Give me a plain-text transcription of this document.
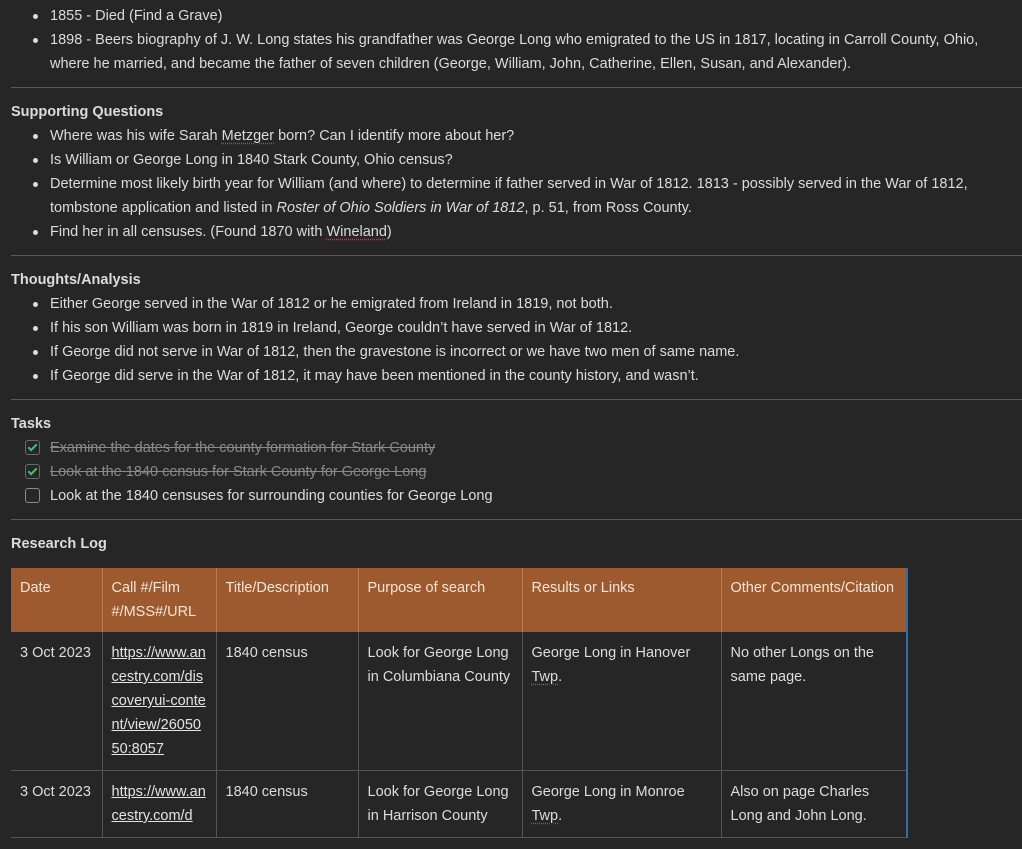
1855 - Died (Find a Grave)
1898 - Beers biography of J. W. Long states his grandfather was George Long who emigrated to the US in 1817, locating in Carroll County, Ohio, where he married, and became the father of seven children (George, William, John, Catherine, Ellen, Susan, and Alexander).
Supporting Questions
Where was his wife Sarah Metzger born? Can I identify more about her?
Is William or George Long in 1840 Stark County, Ohio census?
Determine most likely birth year for William (and where) to determine if father served in War of 1812. 1813 - possibly served in the War of 1812, tombstone application and listed in Roster of Ohio Soldiers in War of 1812, p. 51, from Ross County.
Find her in all censuses. (Found 1870 with Wineland)
Thoughts/Analysis
Either George served in the War of 1812 or he emigrated from Ireland in 1819, not both.
If his son William was born in 1819 in Ireland, George couldn’t have served in War of 1812.
If George did not serve in War of 1812, then the gravestone is incorrect or we have two men of same name.
If George did serve in the War of 1812, it may have been mentioned in the county history, and wasn’t.
Tasks
Examine the dates for the county formation for Stark County
Look at the 1840 census for Stark County for George Long
Look at the 1840 censuses for surrounding counties for George Long
Research Log
Date	Call #/Film #/MSS#/URL	Title/Description	Purpose of search	Results or Links	Other Comments/Citation
3 Oct 2023	https://www.ancestry.com/discoveryui-content/view/2605050:8057	1840 census	Look for George Long in Columbiana County	George Long in Hanover Twp.	No other Longs on the same page.
3 Oct 2023	https://www.ancestry.com/d	1840 census	Look for George Long in Harrison County	George Long in Monroe Twp.	Also on page Charles Long and John Long.
